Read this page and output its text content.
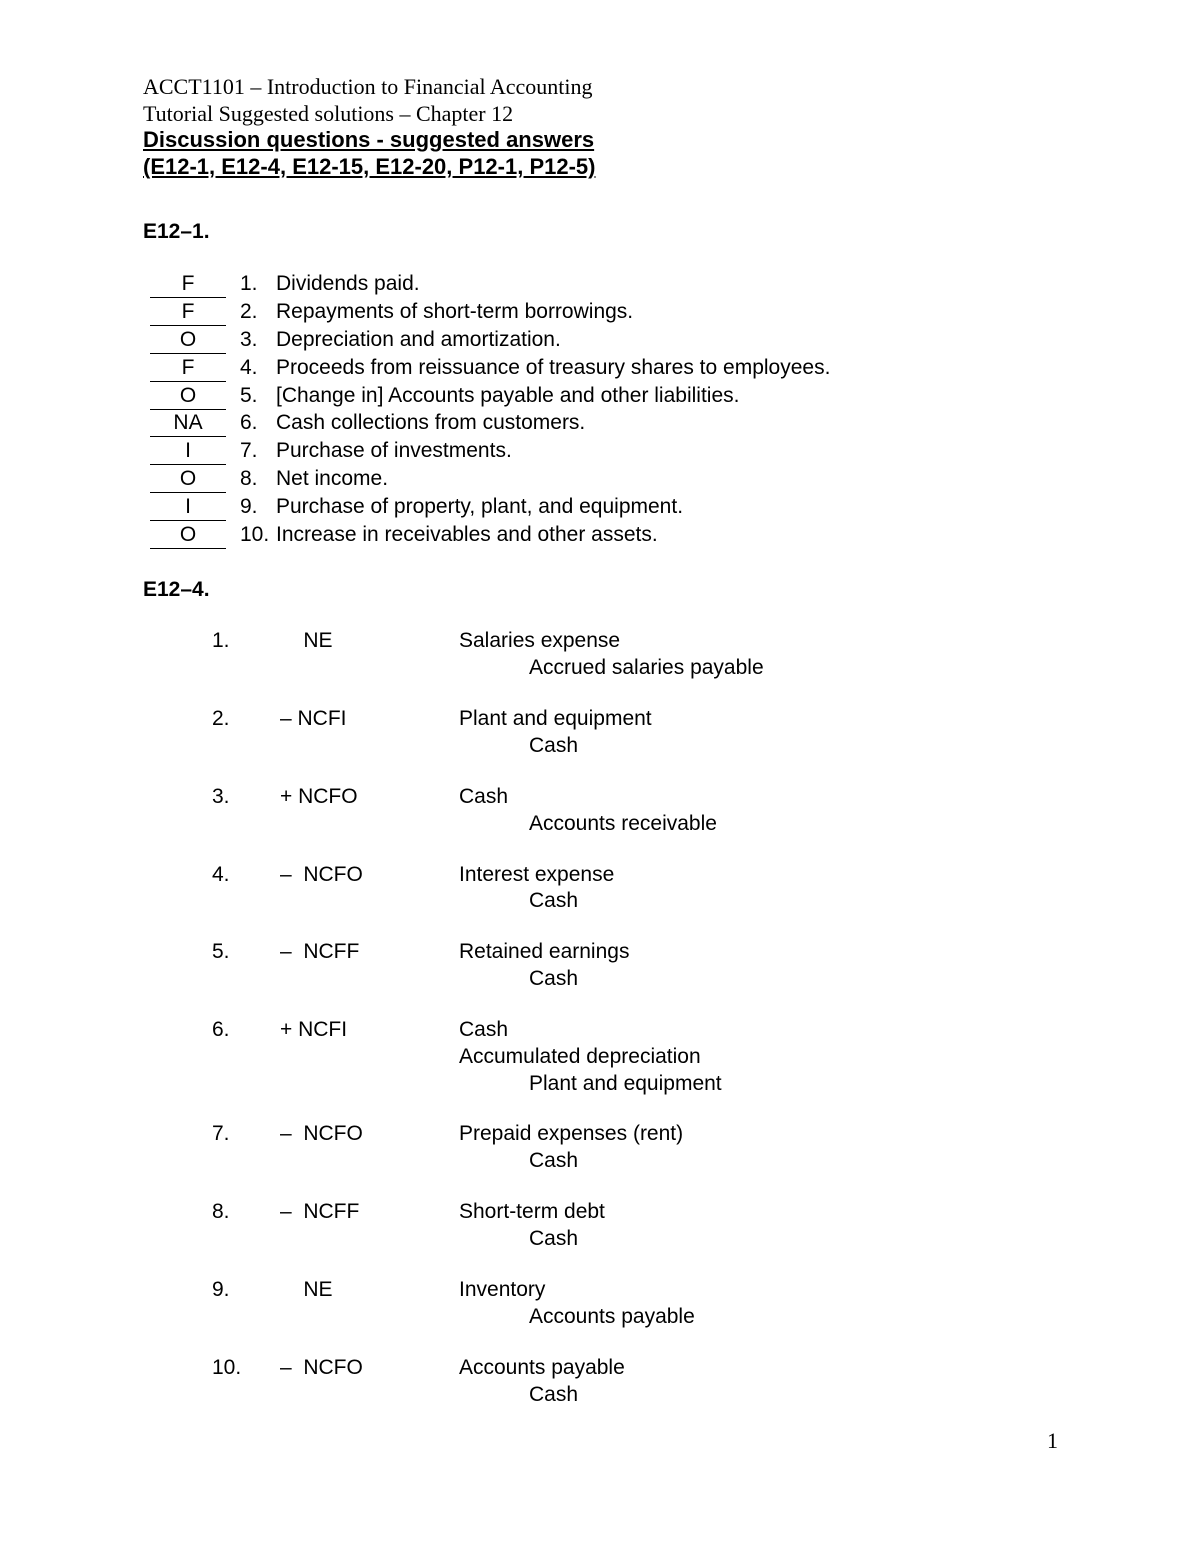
ACCT1101 – Introduction to Financial Accounting
Tutorial Suggested solutions – Chapter 12
Discussion questions - suggested answers
(E12-1, E12-4, E12-15, E12-20, P12-1, P12-5)
E12–1.
F	1. Dividends paid.
F	2. Repayments of short-term borrowings.
O	3. Depreciation and amortization.
F	4. Proceeds from reissuance of treasury shares to employees.
O	5. [Change in] Accounts payable and other liabilities.
NA	6. Cash collections from customers.
I	7. Purchase of investments.
O	8. Net income.
I	9. Purchase of property, plant, and equipment.
O	10. Increase in receivables and other assets.
E12–4.
1. NE	Salaries expense
Accrued salaries payable
2. – NCFI	Plant and equipment
Cash
3. + NCFO	Cash
Accounts receivable
4. –  NCFO	Interest expense
Cash
5. –  NCFF	Retained earnings
Cash
6. + NCFI	Cash
Accumulated depreciation
Plant and equipment
7. –  NCFO	Prepaid expenses (rent)
Cash
8. –  NCFF	Short-term debt
Cash
9. NE	Inventory
Accounts payable
10. –  NCFO	Accounts payable
Cash
1
